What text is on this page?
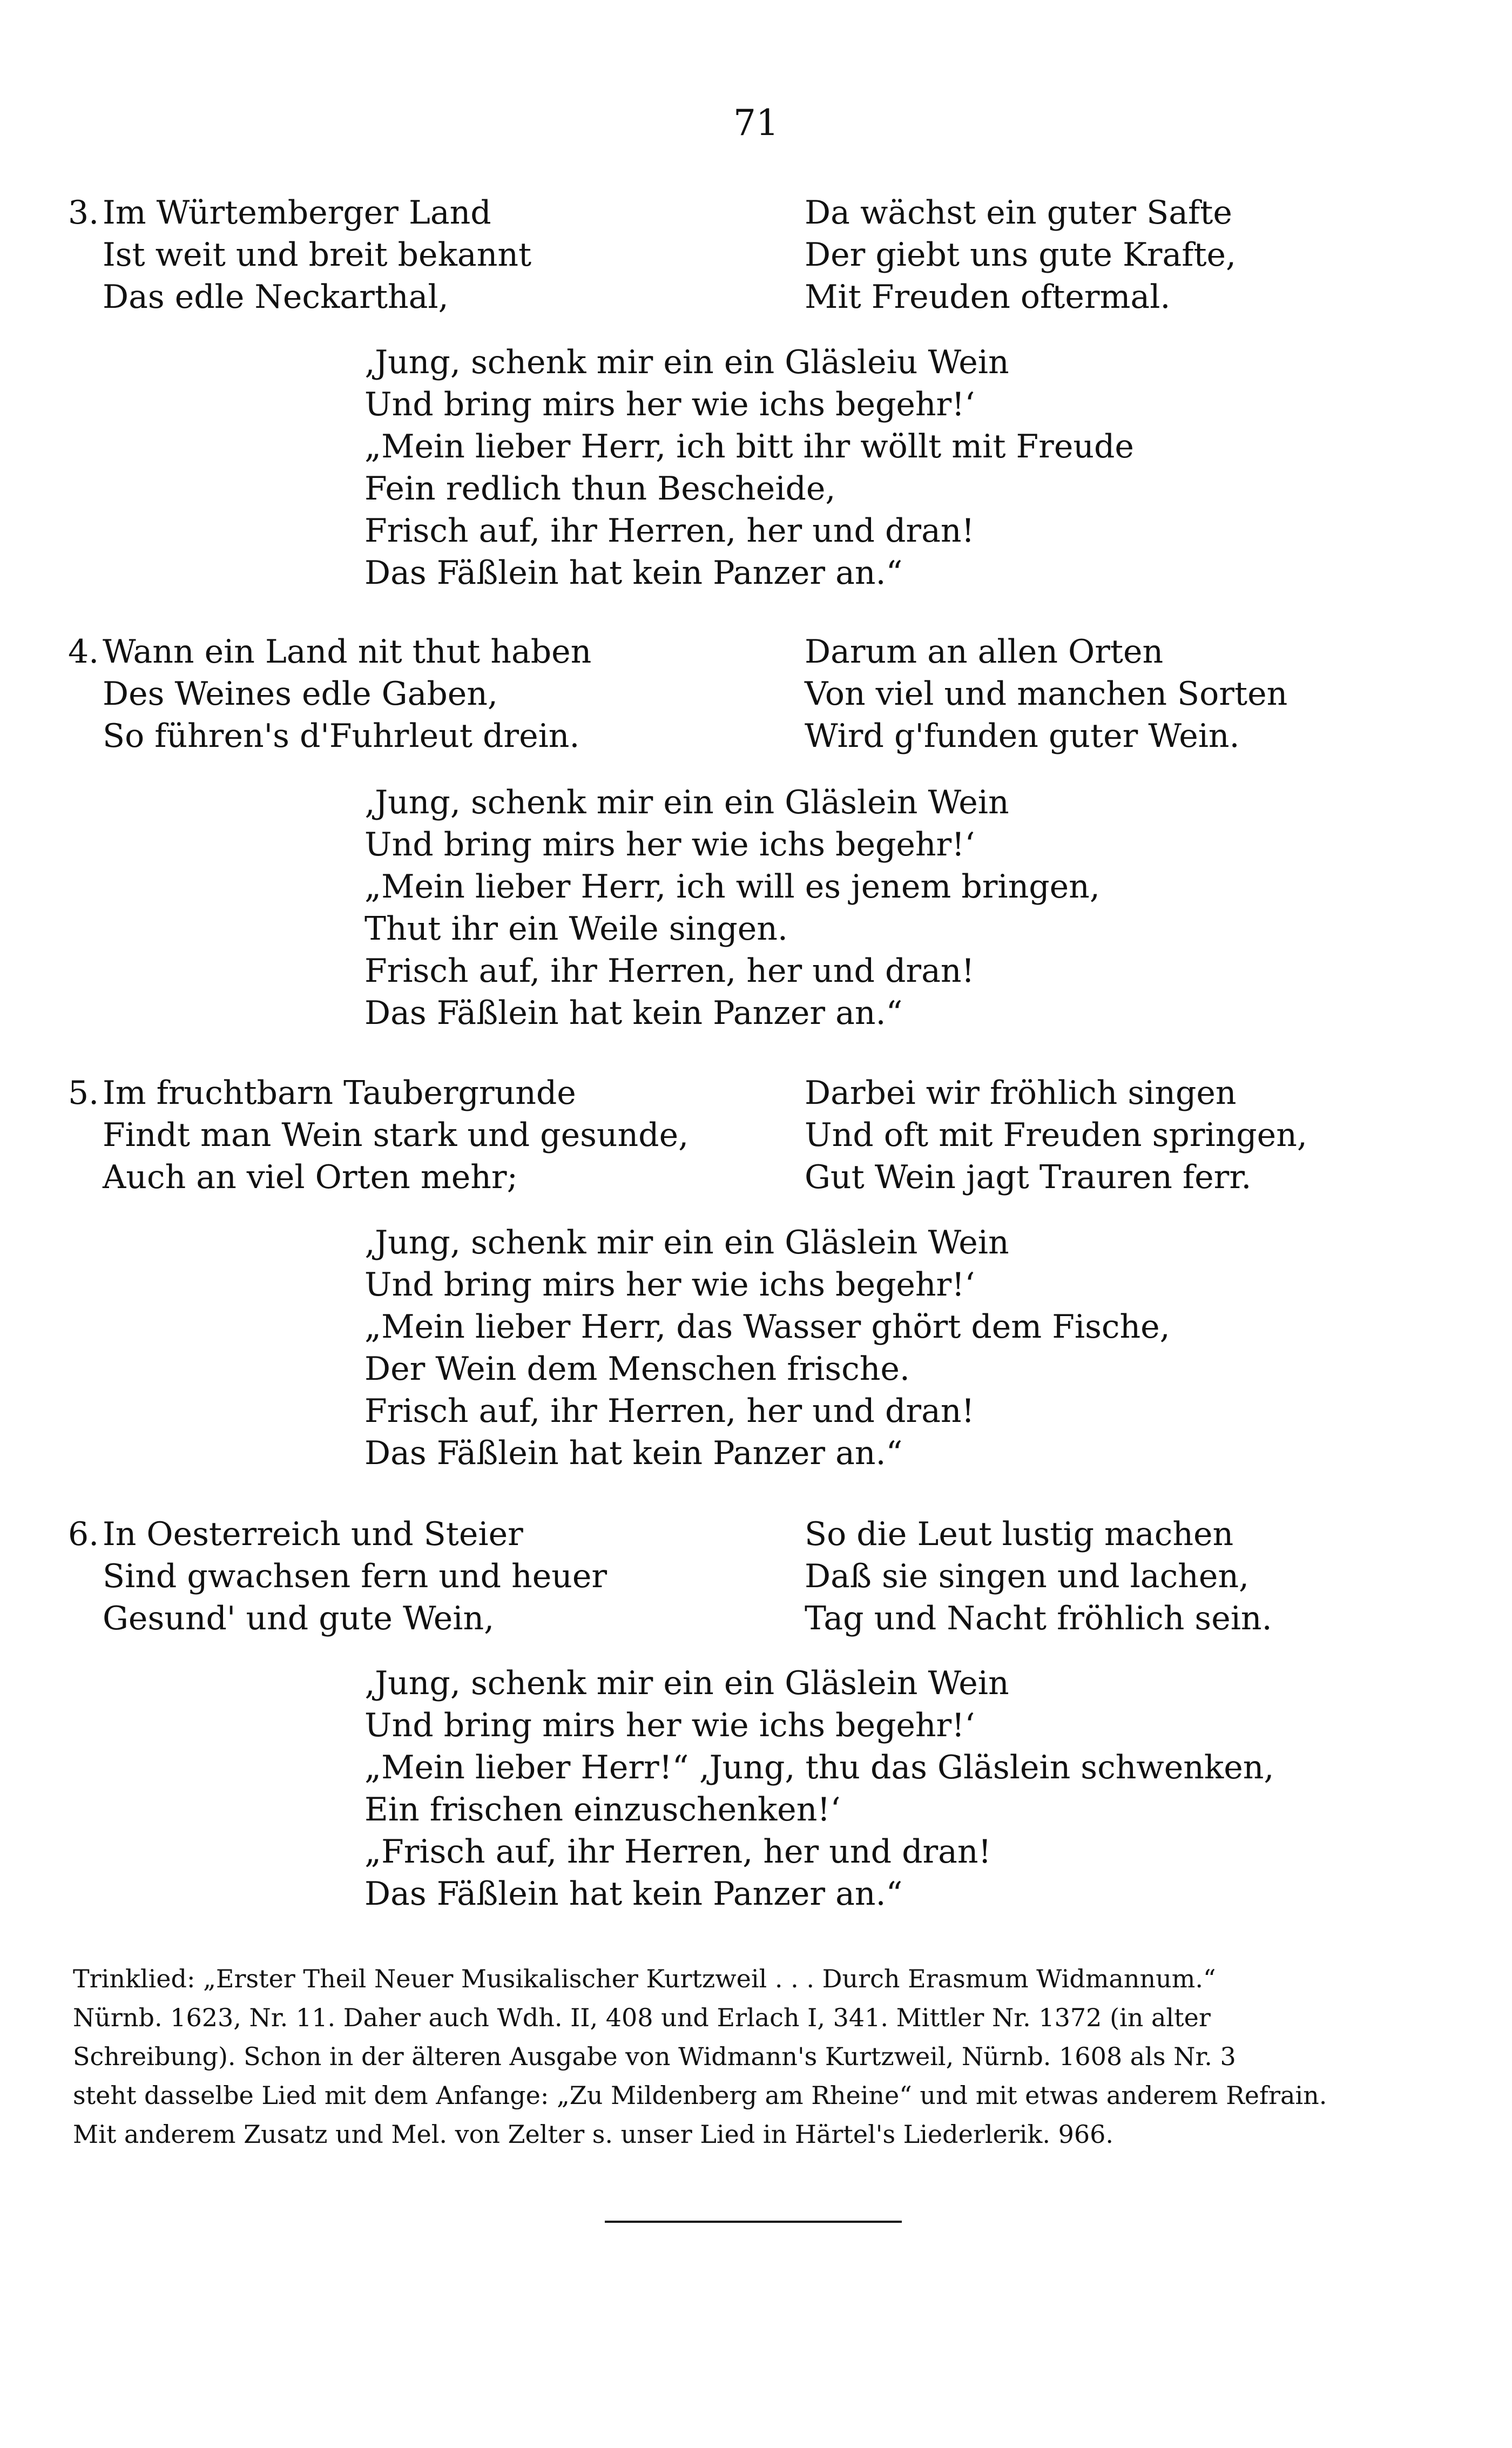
71
3. Im Würtemberger Land
Ist weit und breit bekannt
Das edle Neckarthal,
Da wächst ein guter Safte
Der giebt uns gute Krafte,
Mit Freuden oftermal.
‚Jung, schenk mir ein ein Gläsleiu Wein
Und bring mirs her wie ichs begehr!‘
„Mein lieber Herr, ich bitt ihr wöllt mit Freude
Fein redlich thun Bescheide,
Frisch auf, ihr Herren, her und dran!
Das Fäßlein hat kein Panzer an.“
4. Wann ein Land nit thut haben
Des Weines edle Gaben,
So führen's d'Fuhrleut drein.
Darum an allen Orten
Von viel und manchen Sorten
Wird g'funden guter Wein.
‚Jung, schenk mir ein ein Gläslein Wein
Und bring mirs her wie ichs begehr!‘
„Mein lieber Herr, ich will es jenem bringen,
Thut ihr ein Weile singen.
Frisch auf, ihr Herren, her und dran!
Das Fäßlein hat kein Panzer an.“
5. Im fruchtbarn Taubergrunde
Findt man Wein stark und gesunde,
Auch an viel Orten mehr;
Darbei wir fröhlich singen
Und oft mit Freuden springen,
Gut Wein jagt Trauren ferr.
‚Jung, schenk mir ein ein Gläslein Wein
Und bring mirs her wie ichs begehr!‘
„Mein lieber Herr, das Wasser ghört dem Fische,
Der Wein dem Menschen frische.
Frisch auf, ihr Herren, her und dran!
Das Fäßlein hat kein Panzer an.“
6. In Oesterreich und Steier
Sind gwachsen fern und heuer
Gesund' und gute Wein,
So die Leut lustig machen
Daß sie singen und lachen,
Tag und Nacht fröhlich sein.
‚Jung, schenk mir ein ein Gläslein Wein
Und bring mirs her wie ichs begehr!‘
„Mein lieber Herr!“ ‚Jung, thu das Gläslein schwenken,
Ein frischen einzuschenken!‘
„Frisch auf, ihr Herren, her und dran!
Das Fäßlein hat kein Panzer an.“
Trinklied: „Erster Theil Neuer Musikalischer Kurtzweil . . . Durch Erasmum Widmannum.“
Nürnb. 1623, Nr. 11. Daher auch Wdh. II, 408 und Erlach I, 341. Mittler Nr. 1372 (in alter
Schreibung). Schon in der älteren Ausgabe von Widmann's Kurtzweil, Nürnb. 1608 als Nr. 3
steht dasselbe Lied mit dem Anfange: „Zu Mildenberg am Rheine“ und mit etwas anderem Refrain.
Mit anderem Zusatz und Mel. von Zelter s. unser Lied in Härtel's Liederlerik. 966.
